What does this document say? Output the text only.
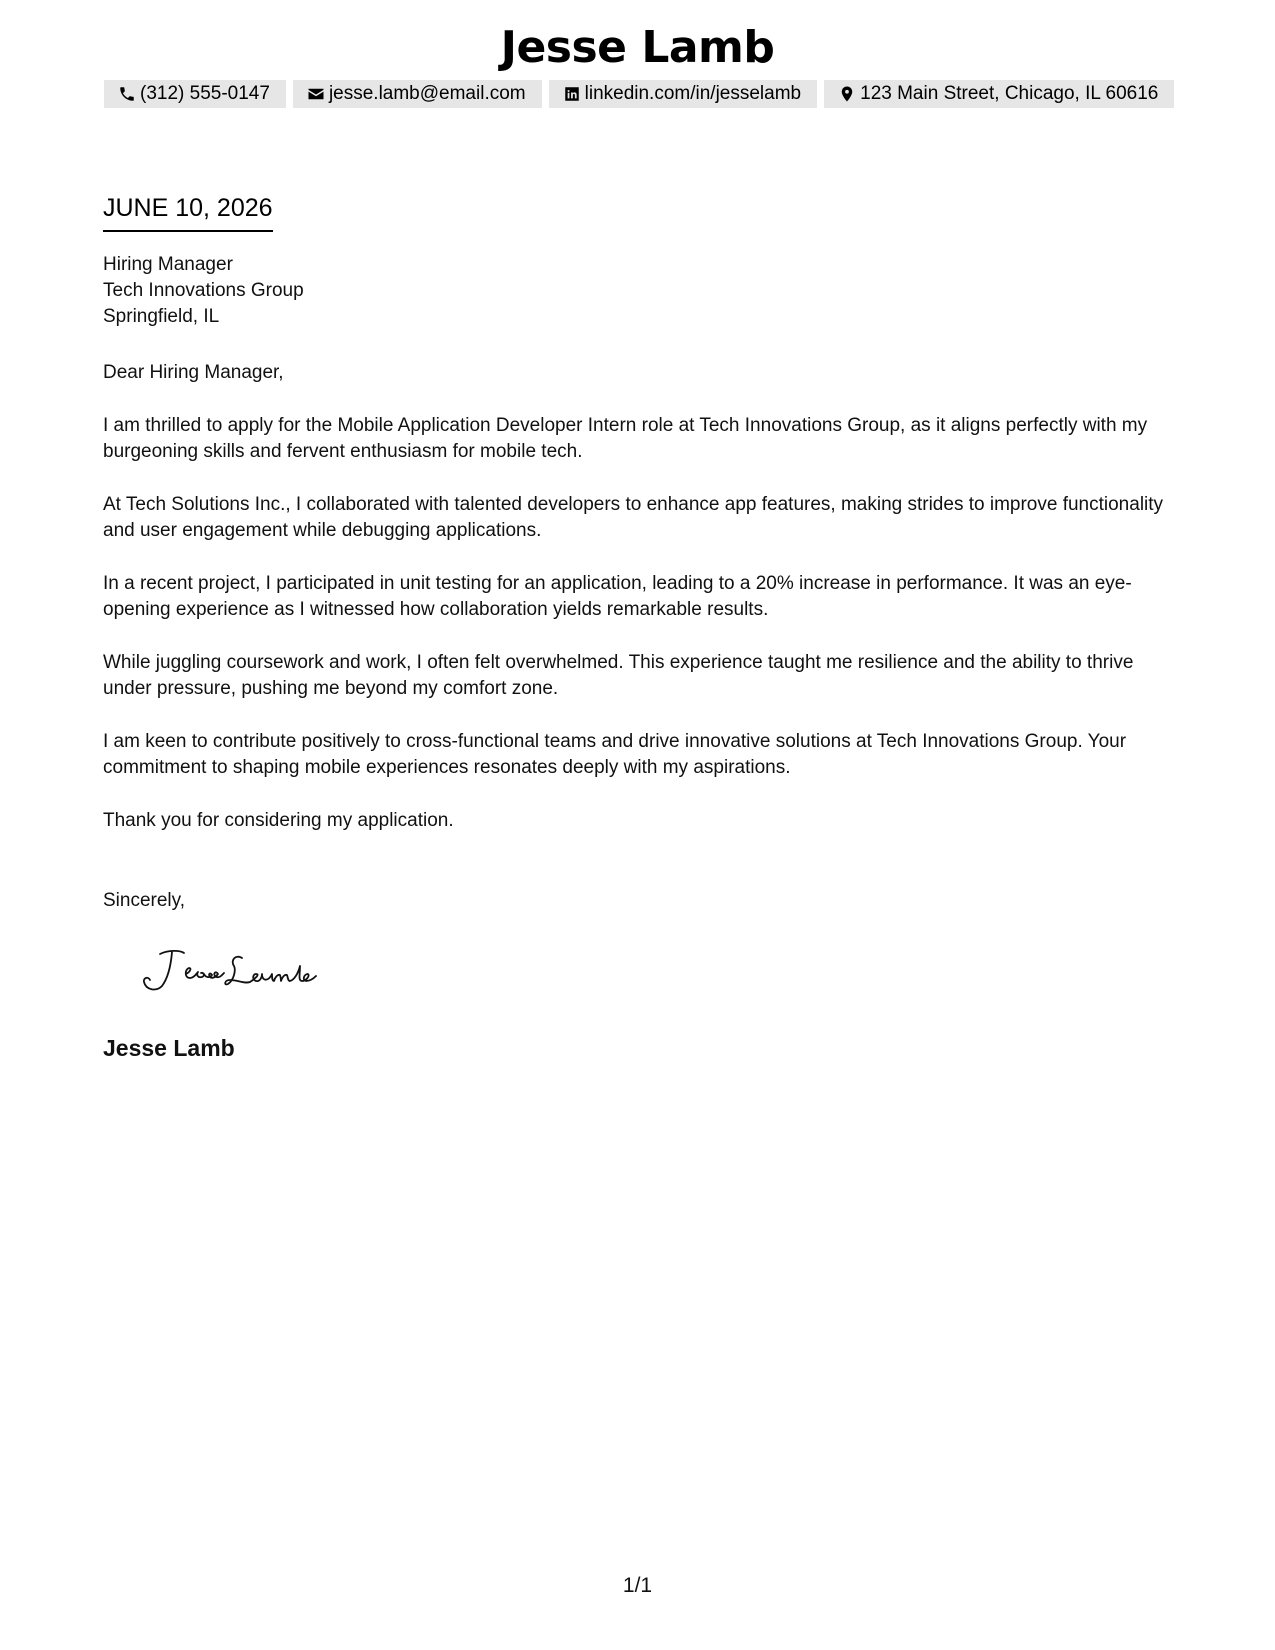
Jesse Lamb
(312) 555-0147	jesse.lamb@email.com	linkedin.com/in/jesselamb	123 Main Street, Chicago, IL 60616
JUNE 10, 2026
Hiring Manager
Tech Innovations Group
Springfield, IL

Dear Hiring Manager,

I am thrilled to apply for the Mobile Application Developer Intern role at Tech Innovations Group, as it aligns perfectly with my burgeoning skills and fervent enthusiasm for mobile tech.

At Tech Solutions Inc., I collaborated with talented developers to enhance app features, making strides to improve functionality and user engagement while debugging applications.

In a recent project, I participated in unit testing for an application, leading to a 20% increase in performance. It was an eye-opening experience as I witnessed how collaboration yields remarkable results.

While juggling coursework and work, I often felt overwhelmed. This experience taught me resilience and the ability to thrive under pressure, pushing me beyond my comfort zone.

I am keen to contribute positively to cross-functional teams and drive innovative solutions at Tech Innovations Group. Your commitment to shaping mobile experiences resonates deeply with my aspirations.

Thank you for considering my application.

Sincerely,
Jesse Lamb
1/1
